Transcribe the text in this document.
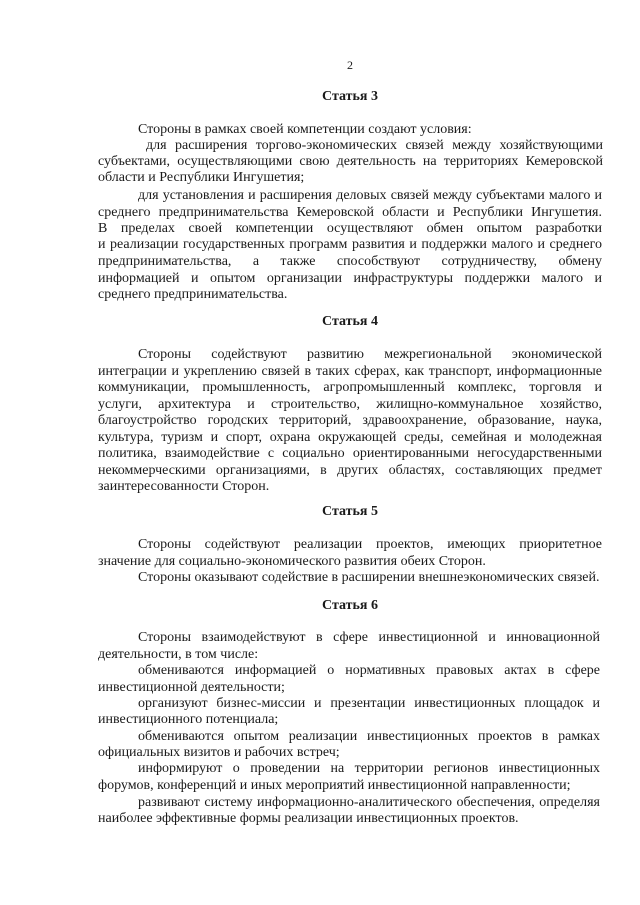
2
Статья 3
Стороны в рамках своей компетенции создают условия:
для расширения торгово-экономических связей между хозяйствующими
субъектами, осуществляющими свою деятельность на территориях Кемеровской
области и Республики Ингушетия;
для установления и расширения деловых связей между субъектами малого и
среднего предпринимательства Кемеровской области и Республики Ингушетия.
В пределах своей компетенции осуществляют обмен опытом разработки
и реализации государственных программ развития и поддержки малого и среднего
предпринимательства, а также способствуют сотрудничеству, обмену
информацией и опытом организации инфраструктуры поддержки малого и
среднего предпринимательства.
Статья 4
Стороны содействуют развитию межрегиональной экономической
интеграции и укреплению связей в таких сферах, как транспорт, информационные
коммуникации, промышленность, агропромышленный комплекс, торговля и
услуги, архитектура и строительство, жилищно-коммунальное хозяйство,
благоустройство городских территорий, здравоохранение, образование, наука,
культура, туризм и спорт, охрана окружающей среды, семейная и молодежная
политика, взаимодействие с социально ориентированными негосударственными
некоммерческими организациями, в других областях, составляющих предмет
заинтересованности Сторон.
Статья 5
Стороны содействуют реализации проектов, имеющих приоритетное
значение для социально-экономического развития обеих Сторон.
Стороны оказывают содействие в расширении внешнеэкономических связей.
Статья 6
Стороны взаимодействуют в сфере инвестиционной и инновационной
деятельности, в том числе:
обмениваются информацией о нормативных правовых актах в сфере
инвестиционной деятельности;
организуют бизнес-миссии и презентации инвестиционных площадок и
инвестиционного потенциала;
обмениваются опытом реализации инвестиционных проектов в рамках
официальных визитов и рабочих встреч;
информируют о проведении на территории регионов инвестиционных
форумов, конференций и иных мероприятий инвестиционной направленности;
развивают систему информационно-аналитического обеспечения, определяя
наиболее эффективные формы реализации инвестиционных проектов.
